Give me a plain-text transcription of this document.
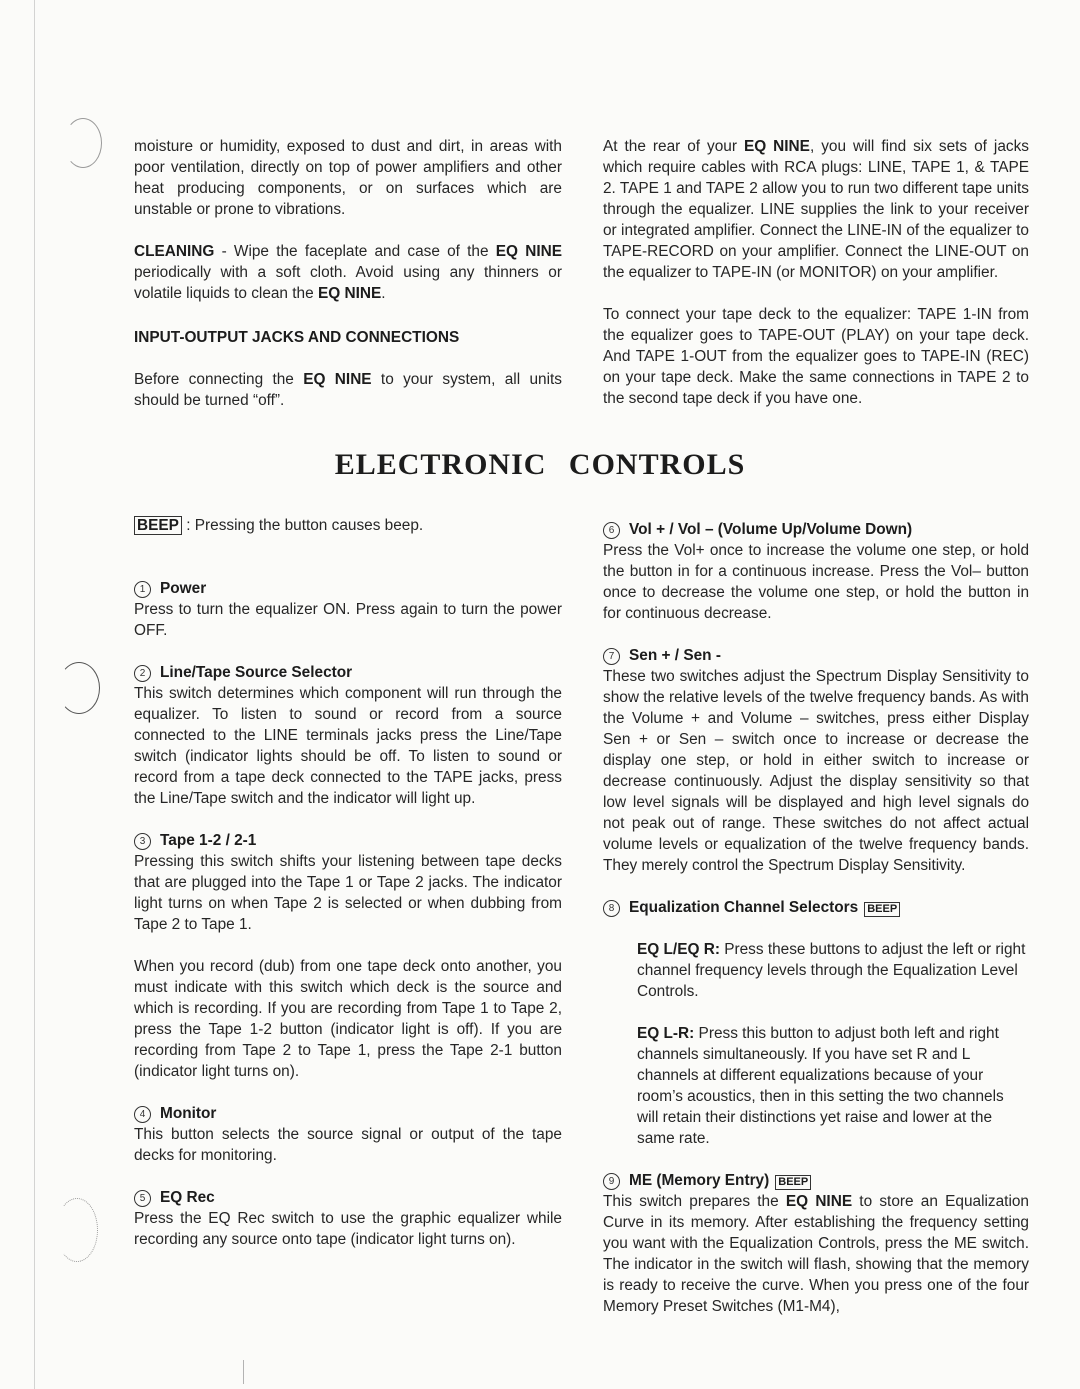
moisture or humidity, exposed to dust and dirt, in areas with poor ventilation, directly on top of power amplifiers and other heat producing components, or on surfaces which are unstable or prone to vibrations.

CLEANING - Wipe the faceplate and case of the EQ NINE periodically with a soft cloth. Avoid using any thinners or volatile liquids to clean the EQ NINE.

INPUT-OUTPUT JACKS AND CONNECTIONS

Before connecting the EQ NINE to your system, all units should be turned “off”.

At the rear of your EQ NINE, you will find six sets of jacks which require cables with RCA plugs: LINE, TAPE 1, & TAPE 2. TAPE 1 and TAPE 2 allow you to run two different tape units through the equalizer. LINE supplies the link to your receiver or integrated amplifier. Connect the LINE-IN of the equalizer to TAPE-RECORD on your amplifier. Connect the LINE-OUT on the equalizer to TAPE-IN (or MONITOR) on your amplifier.

To connect your tape deck to the equalizer: TAPE 1-IN from the equalizer goes to TAPE-OUT (PLAY) on your tape deck. And TAPE 1-OUT from the equalizer goes to TAPE-IN (REC) on your tape deck. Make the same connections in TAPE 2 to the second tape deck if you have one.

ELECTRONIC CONTROLS

BEEP : Pressing the button causes beep.

1 Power

Press to turn the equalizer ON. Press again to turn the power OFF.

2 Line/Tape Source Selector

This switch determines which component will run through the equalizer. To listen to sound or record from a source connected to the LINE terminals jacks press the Line/Tape switch (indicator lights should be off. To listen to sound or record from a tape deck connected to the TAPE jacks, press the Line/Tape switch and the indicator will light up.

3 Tape 1-2 / 2-1

Pressing this switch shifts your listening between tape decks that are plugged into the Tape 1 or Tape 2 jacks. The indicator light turns on when Tape 2 is selected or when dubbing from Tape 2 to Tape 1.

When you record (dub) from one tape deck onto another, you must indicate with this switch which deck is the source and which is recording. If you are recording from Tape 1 to Tape 2, press the Tape 1-2 button (indicator light is off). If you are recording from Tape 2 to Tape 1, press the Tape 2-1 button (indicator light turns on).

4 Monitor

This button selects the source signal or output of the tape decks for monitoring.

5 EQ Rec

Press the EQ Rec switch to use the graphic equalizer while recording any source onto tape (indicator light turns on).

6 Vol + / Vol – (Volume Up/Volume Down)

Press the Vol+ once to increase the volume one step, or hold the button in for a continuous increase. Press the Vol– button once to decrease the volume one step, or hold the button in for continuous decrease.

7 Sen + / Sen -

These two switches adjust the Spectrum Display Sensitivity to show the relative levels of the twelve frequency bands. As with the Volume + and Volume – switches, press either Display Sen + or Sen – switch once to increase or decrease the display one step, or hold in either switch to increase or decrease continuously. Adjust the display sensitivity so that low level signals will be displayed and high level signals do not peak out of range. These switches do not affect actual volume levels or equalization of the twelve frequency bands. They merely control the Spectrum Display Sensitivity.

8 Equalization Channel Selectors BEEP

EQ L/EQ R: Press these buttons to adjust the left or right channel frequency levels through the Equalization Level Controls.

EQ L-R: Press this button to adjust both left and right channels simultaneously. If you have set R and L channels at different equalizations because of your room’s acoustics, then in this setting the two channels will retain their distinctions yet raise and lower at the same rate.

9 ME (Memory Entry) BEEP

This switch prepares the EQ NINE to store an Equalization Curve in its memory. After establishing the frequency setting you want with the Equalization Controls, press the ME switch. The indicator in the switch will flash, showing that the memory is ready to receive the curve. When you press one of the four Memory Preset Switches (M1-M4),
